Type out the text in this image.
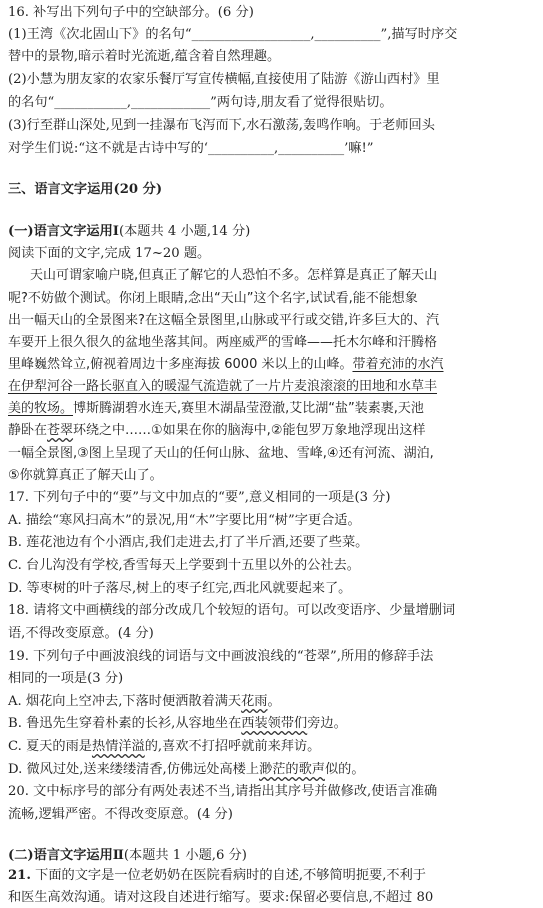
16. 补写出下列句子中的空缺部分。(6 分)
(1)王湾《次北固山下》的名句“__________________,__________”,描写时序交
替中的景物,暗示着时光流逝,蕴含着自然理趣。
(2)小慧为朋友家的农家乐餐厅写宣传横幅,直接使用了陆游《游山西村》里
的名句“___________,____________”两句诗,朋友看了觉得很贴切。
(3)行至群山深处,见到一挂瀑布飞泻而下,水石激荡,轰鸣作响。于老师回头
对学生们说:“这不就是古诗中写的‘__________,__________’嘛!”
三、语言文字运用(20 分)
(一)语言文字运用Ⅰ(本题共 4 小题,14 分)
阅读下面的文字,完成 17~20 题。
天山可谓家喻户晓,但真正了解它的人恐怕不多。怎样算是真正了解天山
呢?不妨做个测试。你闭上眼睛,念出“天山”这个名字,试试看,能不能想象
出一幅天山的全景图来?在这幅全景图里,山脉或平行或交错,许多巨大的、汽
车要开上很久很久的盆地坐落其间。两座威严的雪峰——托木尔峰和汗腾格
里峰巍然耸立,俯视着周边十多座海拔 6000 米以上的山峰。带着充沛的水汽
在伊犁河谷一路长驱直入的暖湿气流造就了一片片麦浪滚滚的田地和水草丰
美的牧场。博斯腾湖碧水连天,赛里木湖晶莹澄澈,艾比湖“盐”装素裹,天池
静卧在苍翠环绕之中……①如果在你的脑海中,②能包罗万象地浮现出这样
一幅全景图,③图上呈现了天山的任何山脉、盆地、雪峰,④还有河流、湖泊,
⑤你就算真正了解天山了。
17. 下列句子中的“要”与文中加点的“要”,意义相同的一项是(3 分)
A. 描绘“寒风扫高木”的景况,用“木”字要比用“树”字更合适。
B. 莲花池边有个小酒店,我们走进去,打了半斤酒,还要了些菜。
C. 台儿沟没有学校,香雪每天上学要到十五里以外的公社去。
D. 等枣树的叶子落尽,树上的枣子红完,西北风就要起来了。
18. 请将文中画横线的部分改成几个较短的语句。可以改变语序、少量增删词
语,不得改变原意。(4 分)
19. 下列句子中画波浪线的词语与文中画波浪线的“苍翠”,所用的修辞手法
相同的一项是(3 分)
A. 烟花向上空冲去,下落时便洒散着满天花雨。
B. 鲁迅先生穿着朴素的长衫,从容地坐在西装领带们旁边。
C. 夏天的雨是热情洋溢的,喜欢不打招呼就前来拜访。
D. 微风过处,送来缕缕清香,仿佛远处高楼上渺茫的歌声似的。
20. 文中标序号的部分有两处表述不当,请指出其序号并做修改,使语言准确
流畅,逻辑严密。不得改变原意。(4 分)
(二)语言文字运用Ⅱ(本题共 1 小题,6 分)
21. 下面的文字是一位老奶奶在医院看病时的自述,不够简明扼要,不利于
和医生高效沟通。请对这段自述进行缩写。要求:保留必要信息,不超过 80
